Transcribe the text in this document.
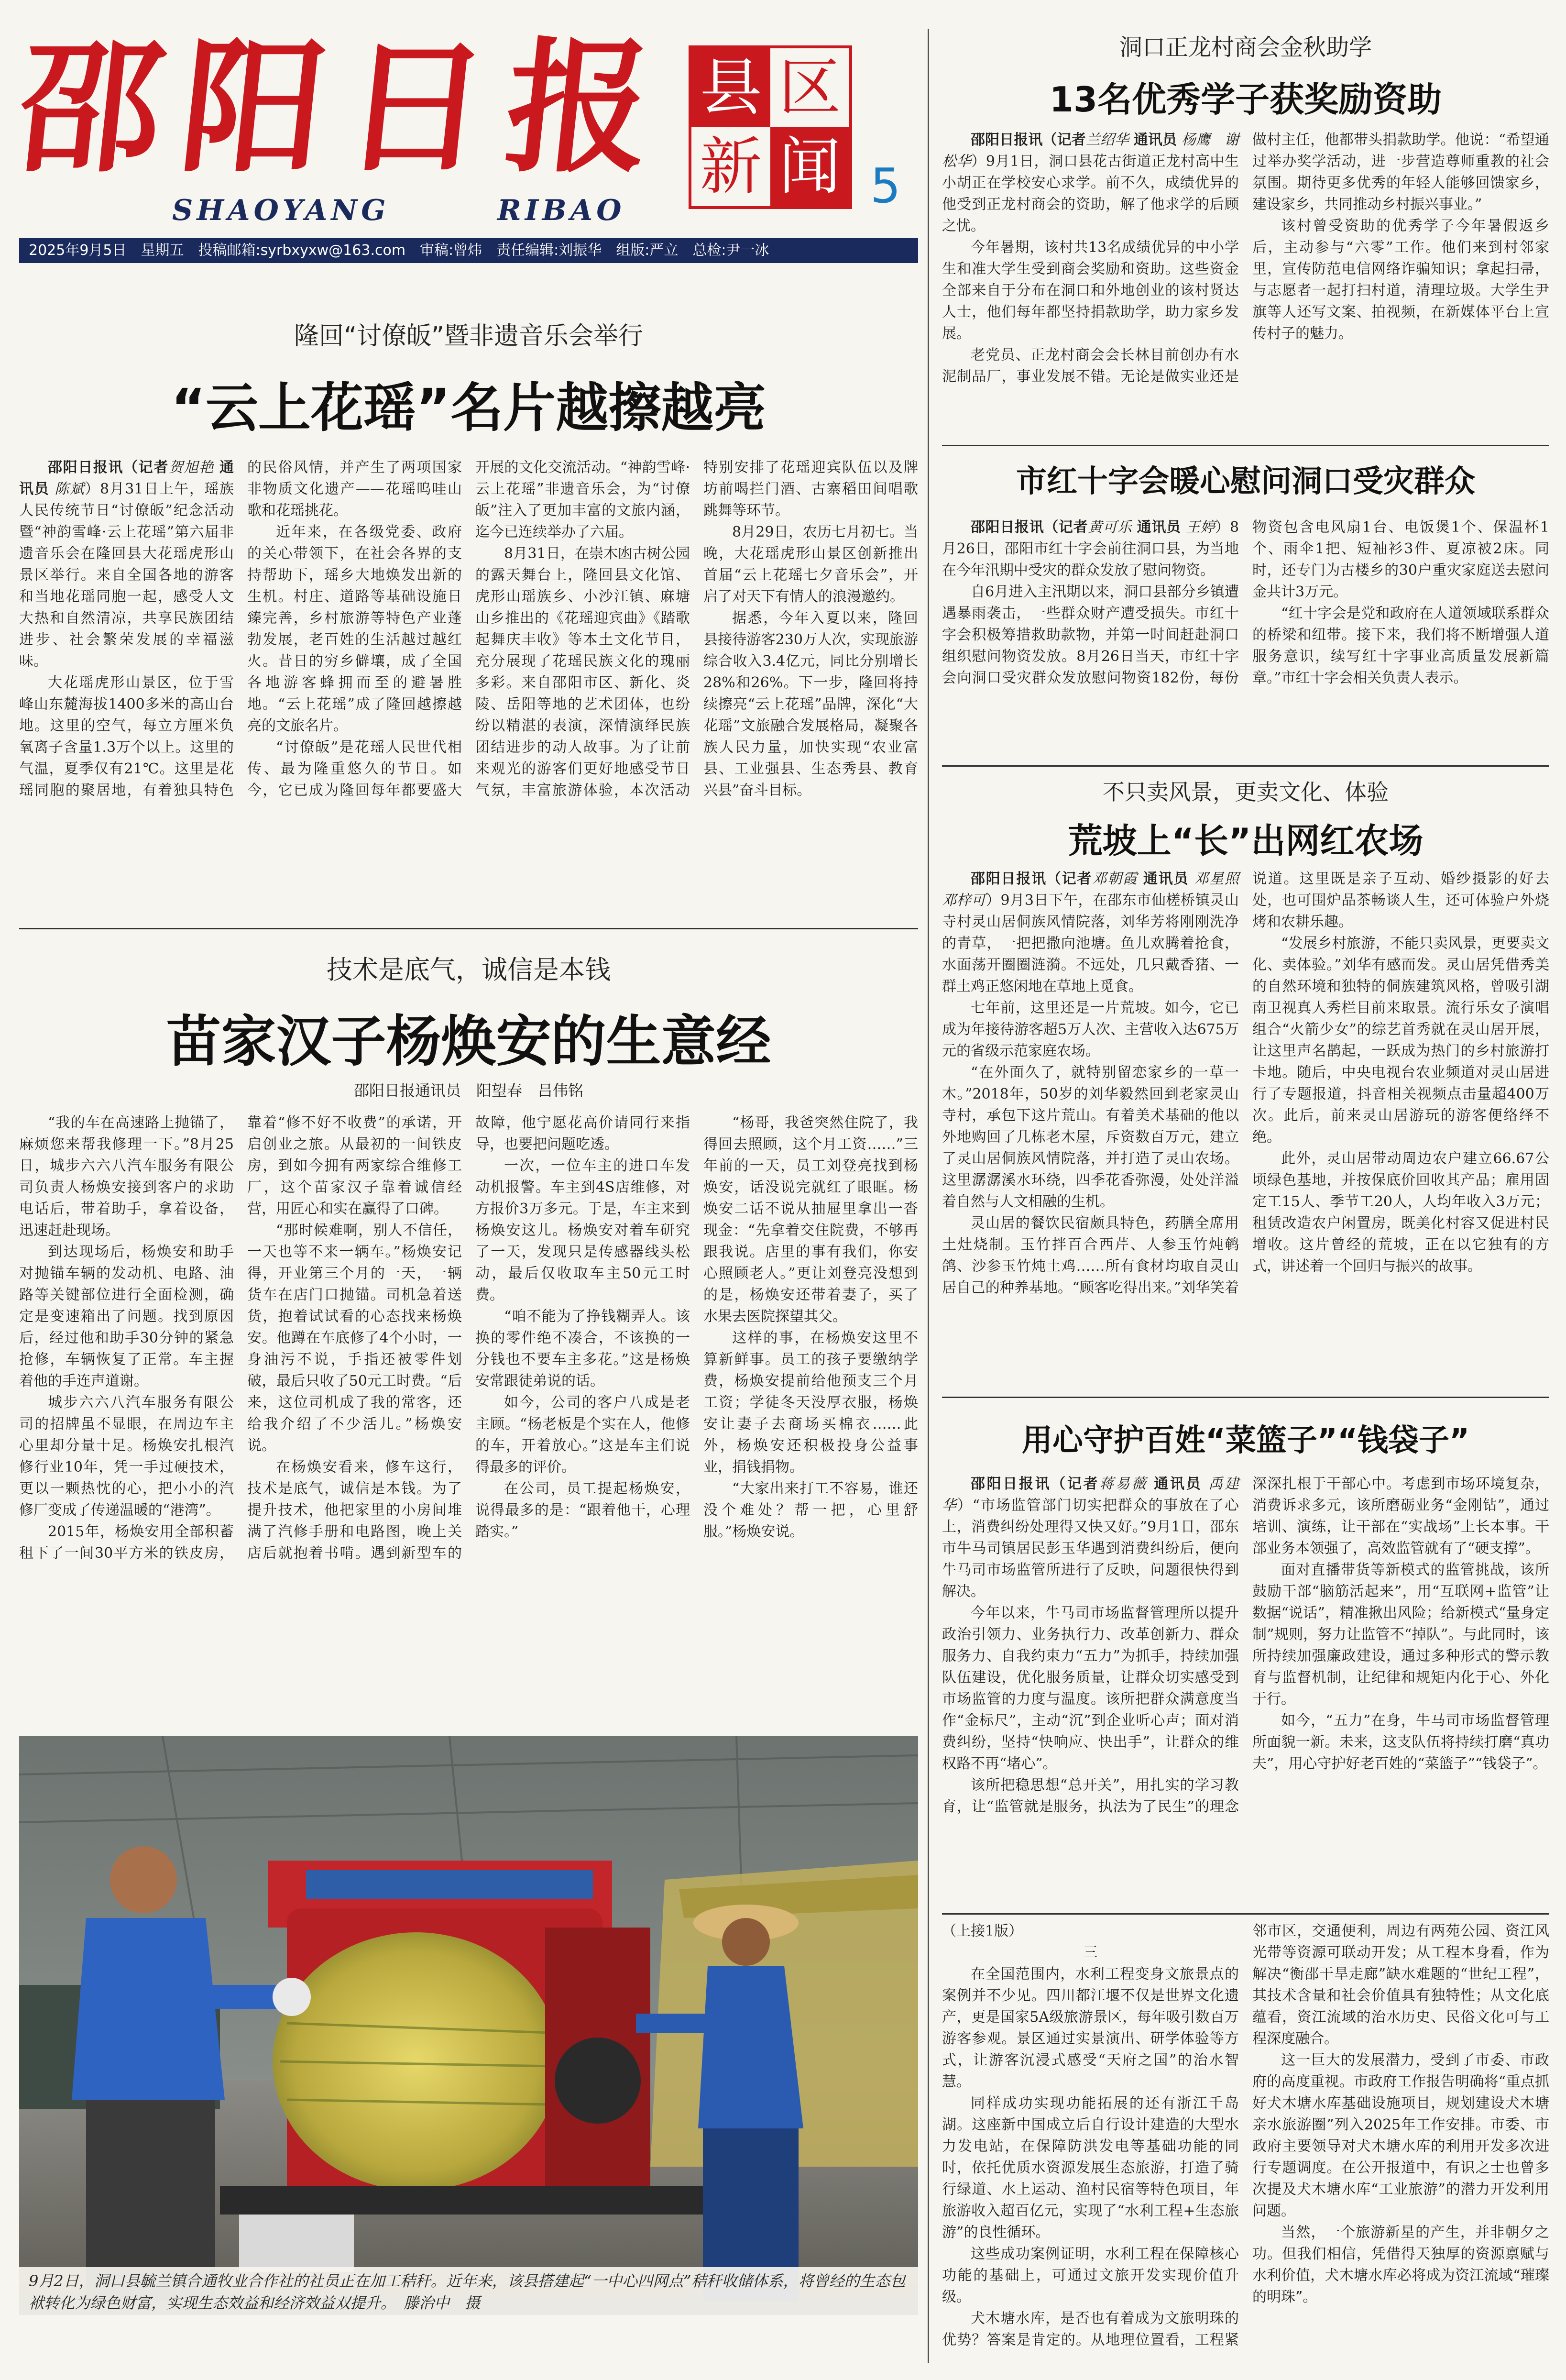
邵阳日报
SHAOYANG	RIBAO
县 区
新 闻 5
2025年9月5日　星期五　投稿邮箱:syrbxyxw@163.com　审稿:曾炜　责任编辑:刘振华　组版:严立　总检:尹一冰
隆回“讨僚皈”暨非遗音乐会举行
“云上花瑶”名片越擦越亮

邵阳日报讯（记者贺旭艳 通讯员 陈斌）8月31日上午，瑶族人民传统节日“讨僚皈”纪念活动暨“神韵雪峰·云上花瑶”第六届非遗音乐会在隆回县大花瑶虎形山景区举行。来自全国各地的游客和当地花瑶同胞一起，感受人文大热和自然清凉，共享民族团结进步、社会繁荣发展的幸福滋味。

大花瑶虎形山景区，位于雪峰山东麓海拔1400多米的高山台地。这里的空气，每立方厘米负氧离子含量1.3万个以上。这里的气温，夏季仅有21℃。这里是花瑶同胞的聚居地，有着独具特色的民俗风情，并产生了两项国家非物质文化遗产——花瑶呜哇山歌和花瑶挑花。

近年来，在各级党委、政府的关心带领下，在社会各界的支持帮助下，瑶乡大地焕发出新的生机。村庄、道路等基础设施日臻完善，乡村旅游等特色产业蓬勃发展，老百姓的生活越过越红火。昔日的穷乡僻壤，成了全国各地游客蜂拥而至的避暑胜地。“云上花瑶”成了隆回越擦越亮的文旅名片。

“讨僚皈”是花瑶人民世代相传、最为隆重悠久的节日。如今，它已成为隆回每年都要盛大开展的文化交流活动。“神韵雪峰·云上花瑶”非遗音乐会，为“讨僚皈”注入了更加丰富的文旅内涵，迄今已连续举办了六届。

8月31日，在崇木凼古树公园的露天舞台上，隆回县文化馆、虎形山瑶族乡、小沙江镇、麻塘山乡推出的《花瑶迎宾曲》《踏歌起舞庆丰收》等本土文化节目，充分展现了花瑶民族文化的瑰丽多彩。来自邵阳市区、新化、炎陵、岳阳等地的艺术团体，也纷纷以精湛的表演，深情演绎民族团结进步的动人故事。为了让前来观光的游客们更好地感受节日气氛，丰富旅游体验，本次活动特别安排了花瑶迎宾队伍以及牌坊前喝拦门酒、古寨稻田间唱歌跳舞等环节。

8月29日，农历七月初七。当晚，大花瑶虎形山景区创新推出首届“云上花瑶七夕音乐会”，开启了对天下有情人的浪漫邀约。

据悉，今年入夏以来，隆回县接待游客230万人次，实现旅游综合收入3.4亿元，同比分别增长28%和26%。下一步，隆回将持续擦亮“云上花瑶”品牌，深化“大花瑶”文旅融合发展格局，凝聚各族人民力量，加快实现“农业富县、工业强县、生态秀县、教育兴县”奋斗目标。

技术是底气，诚信是本钱
苗家汉子杨焕安的生意经
邵阳日报通讯员　阳望春　吕伟铭

“我的车在高速路上抛锚了，麻烦您来帮我修理一下。”8月25日，城步六六八汽车服务有限公司负责人杨焕安接到客户的求助电话后，带着助手，拿着设备，迅速赶赴现场。

到达现场后，杨焕安和助手对抛锚车辆的发动机、电路、油路等关键部位进行全面检测，确定是变速箱出了问题。找到原因后，经过他和助手30分钟的紧急抢修，车辆恢复了正常。车主握着他的手连声道谢。

城步六六八汽车服务有限公司的招牌虽不显眼，在周边车主心里却分量十足。杨焕安扎根汽修行业10年，凭一手过硬技术，更以一颗热忱的心，把小小的汽修厂变成了传递温暖的“港湾”。

2015年，杨焕安用全部积蓄租下了一间30平方米的铁皮房，靠着“修不好不收费”的承诺，开启创业之旅。从最初的一间铁皮房，到如今拥有两家综合维修工厂，这个苗家汉子靠着诚信经营，用匠心和实在赢得了口碑。

“那时候难啊，别人不信任，一天也等不来一辆车。”杨焕安记得，开业第三个月的一天，一辆货车在店门口抛锚。司机急着送货，抱着试试看的心态找来杨焕安。他蹲在车底修了4个小时，一身油污不说，手指还被零件划破，最后只收了50元工时费。“后来，这位司机成了我的常客，还给我介绍了不少活儿。”杨焕安说。

在杨焕安看来，修车这行，技术是底气，诚信是本钱。为了提升技术，他把家里的小房间堆满了汽修手册和电路图，晚上关店后就抱着书啃。遇到新型车的故障，他宁愿花高价请同行来指导，也要把问题吃透。

一次，一位车主的进口车发动机报警。车主到4S店维修，对方报价3万多元。于是，车主来到杨焕安这儿。杨焕安对着车研究了一天，发现只是传感器线头松动，最后仅收取车主50元工时费。

“咱不能为了挣钱糊弄人。该换的零件绝不凑合，不该换的一分钱也不要车主多花。”这是杨焕安常跟徒弟说的话。

如今，公司的客户八成是老主顾。“杨老板是个实在人，他修的车，开着放心。”这是车主们说得最多的评价。

在公司，员工提起杨焕安，说得最多的是：“跟着他干，心理踏实。”

“杨哥，我爸突然住院了，我得回去照顾，这个月工资……”三年前的一天，员工刘登亮找到杨焕安，话没说完就红了眼眶。杨焕安二话不说从抽屉里拿出一沓现金：“先拿着交住院费，不够再跟我说。店里的事有我们，你安心照顾老人。”更让刘登亮没想到的是，杨焕安还带着妻子，买了水果去医院探望其父。

这样的事，在杨焕安这里不算新鲜事。员工的孩子要缴纳学费，杨焕安提前给他预支三个月工资；学徒冬天没厚衣服，杨焕安让妻子去商场买棉衣……此外，杨焕安还积极投身公益事业，捐钱捐物。

“大家出来打工不容易，谁还没个难处？帮一把，心里舒服。”杨焕安说。

9月2日，洞口县毓兰镇合通牧业合作社的社员正在加工秸秆。近年来，该县搭建起“一中心四网点”秸秆收储体系，将曾经的生态包袱转化为绿色财富，实现生态效益和经济效益双提升。　滕治中　摄
洞口正龙村商会金秋助学
13名优秀学子获奖励资助

邵阳日报讯（记者兰绍华 通讯员 杨鹰　谢松华）9月1日，洞口县花古街道正龙村高中生小胡正在学校安心求学。前不久，成绩优异的他受到正龙村商会的资助，解了他求学的后顾之忧。

今年暑期，该村共13名成绩优异的中小学生和准大学生受到商会奖励和资助。这些资金全部来自于分布在洞口和外地创业的该村贤达人士，他们每年都坚持捐款助学，助力家乡发展。

老党员、正龙村商会会长林目前创办有水泥制品厂，事业发展不错。无论是做实业还是做村主任，他都带头捐款助学。他说：“希望通过举办奖学活动，进一步营造尊师重教的社会氛围。期待更多优秀的年轻人能够回馈家乡，建设家乡，共同推动乡村振兴事业。”

该村曾受资助的优秀学子今年暑假返乡后，主动参与“六零”工作。他们来到村邻家里，宣传防范电信网络诈骗知识；拿起扫帚，与志愿者一起打扫村道，清理垃圾。大学生尹旗等人还写文案、拍视频，在新媒体平台上宣传村子的魅力。

市红十字会暖心慰问洞口受灾群众

邵阳日报讯（记者黄可乐 通讯员 王婷）8月26日，邵阳市红十字会前往洞口县，为当地在今年汛期中受灾的群众发放了慰问物资。

自6月进入主汛期以来，洞口县部分乡镇遭遇暴雨袭击，一些群众财产遭受损失。市红十字会积极筹措救助款物，并第一时间赶赴洞口组织慰问物资发放。8月26日当天，市红十字会向洞口受灾群众发放慰问物资182份，每份物资包含电风扇1台、电饭煲1个、保温杯1个、雨伞1把、短袖衫3件、夏凉被2床。同时，还专门为古楼乡的30户重灾家庭送去慰问金共计3万元。

“红十字会是党和政府在人道领域联系群众的桥梁和纽带。接下来，我们将不断增强人道服务意识，续写红十字事业高质量发展新篇章。”市红十字会相关负责人表示。

不只卖风景，更卖文化、体验
荒坡上“长”出网红农场

邵阳日报讯（记者邓朝霞 通讯员 邓星照　邓梓可）9月3日下午，在邵东市仙槎桥镇灵山寺村灵山居侗族风情院落，刘华芳将刚刚洗净的青草，一把把撒向池塘。鱼儿欢腾着抢食，水面荡开圈圈涟漪。不远处，几只戴香猪、一群土鸡正悠闲地在草地上觅食。

七年前，这里还是一片荒坡。如今，它已成为年接待游客超5万人次、主营收入达675万元的省级示范家庭农场。

“在外面久了，就特别留恋家乡的一草一木。”2018年，50岁的刘华毅然回到老家灵山寺村，承包下这片荒山。有着美术基础的他以外地购回了几栋老木屋，斥资数百万元，建立了灵山居侗族风情院落，并打造了灵山农场。这里潺潺溪水环绕，四季花香弥漫，处处洋溢着自然与人文相融的生机。

灵山居的餐饮民宿颇具特色，药膳全席用土灶烧制。玉竹拌百合西芹、人参玉竹炖鹌鸽、沙参玉竹炖土鸡……所有食材均取自灵山居自己的种养基地。“顾客吃得出来。”刘华笑着说道。这里既是亲子互动、婚纱摄影的好去处，也可围炉品茶畅谈人生，还可体验户外烧烤和农耕乐趣。

“发展乡村旅游，不能只卖风景，更要卖文化、卖体验。”刘华有感而发。灵山居凭借秀美的自然环境和独特的侗族建筑风格，曾吸引湖南卫视真人秀栏目前来取景。流行乐女子演唱组合“火箭少女”的综艺首秀就在灵山居开展，让这里声名鹊起，一跃成为热门的乡村旅游打卡地。随后，中央电视台农业频道对灵山居进行了专题报道，抖音相关视频点击量超400万次。此后，前来灵山居游玩的游客便络绎不绝。

此外，灵山居带动周边农户建立66.67公顷绿色基地，并按保底价回收其产品；雇用固定工15人、季节工20人，人均年收入3万元；租赁改造农户闲置房，既美化村容又促进村民增收。这片曾经的荒坡，正在以它独有的方式，讲述着一个回归与振兴的故事。

用心守护百姓“菜篮子”“钱袋子”

邵阳日报讯（记者蒋易薇 通讯员 禹建华）“市场监管部门切实把群众的事放在了心上，消费纠纷处理得又快又好。”9月1日，邵东市牛马司镇居民彭玉华遇到消费纠纷后，便向牛马司市场监管所进行了反映，问题很快得到解决。

今年以来，牛马司市场监督管理所以提升政治引领力、业务执行力、改革创新力、群众服务力、自我约束力“五力”为抓手，持续加强队伍建设，优化服务质量，让群众切实感受到市场监管的力度与温度。该所把群众满意度当作“金标尺”，主动“沉”到企业听心声；面对消费纠纷，坚持“快响应、快出手”，让群众的维权路不再“堵心”。

该所把稳思想“总开关”，用扎实的学习教育，让“监管就是服务，执法为了民生”的理念深深扎根于干部心中。考虑到市场环境复杂，消费诉求多元，该所磨砺业务“金刚钻”，通过培训、演练，让干部在“实战场”上长本事。干部业务本领强了，高效监管就有了“硬支撑”。

面对直播带货等新模式的监管挑战，该所鼓励干部“脑筋活起来”，用“互联网+监管”让数据“说话”，精准揪出风险；给新模式“量身定制”规则，努力让监管不“掉队”。与此同时，该所持续加强廉政建设，通过多种形式的警示教育与监督机制，让纪律和规矩内化于心、外化于行。

如今，“五力”在身，牛马司市场监督管理所面貌一新。未来，这支队伍将持续打磨“真功夫”，用心守护好老百姓的“菜篮子”“钱袋子”。

（上接1版）

三

在全国范围内，水利工程变身文旅景点的案例并不少见。四川都江堰不仅是世界文化遗产，更是国家5A级旅游景区，每年吸引数百万游客参观。景区通过实景演出、研学体验等方式，让游客沉浸式感受“天府之国”的治水智慧。

同样成功实现功能拓展的还有浙江千岛湖。这座新中国成立后自行设计建造的大型水力发电站，在保障防洪发电等基础功能的同时，依托优质水资源发展生态旅游，打造了骑行绿道、水上运动、渔村民宿等特色项目，年旅游收入超百亿元，实现了“水利工程+生态旅游”的良性循环。

这些成功案例证明，水利工程在保障核心功能的基础上，可通过文旅开发实现价值升级。

犬木塘水库，是否也有着成为文旅明珠的优势？答案是肯定的。从地理位置看，工程紧邻市区，交通便利，周边有两苑公园、资江风光带等资源可联动开发；从工程本身看，作为解决“衡邵干旱走廊”缺水难题的“世纪工程”，其技术含量和社会价值具有独特性；从文化底蕴看，资江流域的治水历史、民俗文化可与工程深度融合。

这一巨大的发展潜力，受到了市委、市政府的高度重视。市政府工作报告明确将“重点抓好犬木塘水库基础设施项目，规划建设犬木塘亲水旅游圈”列入2025年工作安排。市委、市政府主要领导对犬木塘水库的利用开发多次进行专题调度。在公开报道中，有识之士也曾多次提及犬木塘水库“工业旅游”的潜力开发利用问题。

当然，一个旅游新星的产生，并非朝夕之功。但我们相信，凭借得天独厚的资源禀赋与水利价值，犬木塘水库必将成为资江流域“璀璨的明珠”。
